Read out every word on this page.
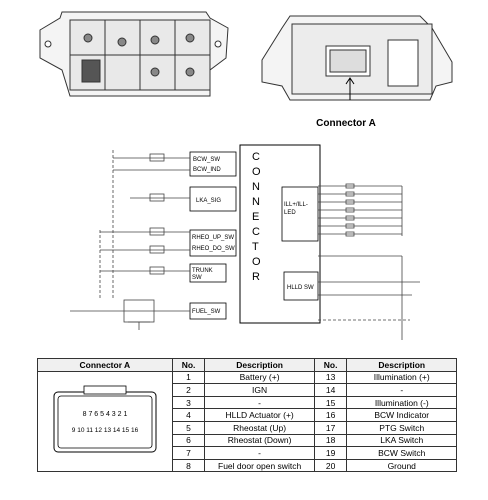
C
O
N
N
E
C
T
O
R
BCW_SW
BCW_IND
LKA_SIG
RHEO_UP_SW
RHEO_DO_SW
TRUNK
SW
FUEL_SW
ILL+/ILL-
LED
HLLD SW
Connector A
Connector A	No.	Description	No.	Description

8 7 6 5 4 3 2 1
9 10 11 12 13 14 15 16	1	Battery (+)	13	Illumination (+)
	2	IGN	14	-
	3	-	15	Illumination (-)
	4	HLLD Actuator (+)	16	BCW Indicator
	5	Rheostat (Up)	17	PTG Switch
	6	Rheostat (Down)	18	LKA Switch
	7	-	19	BCW Switch
	8	Fuel door open switch	20	Ground
